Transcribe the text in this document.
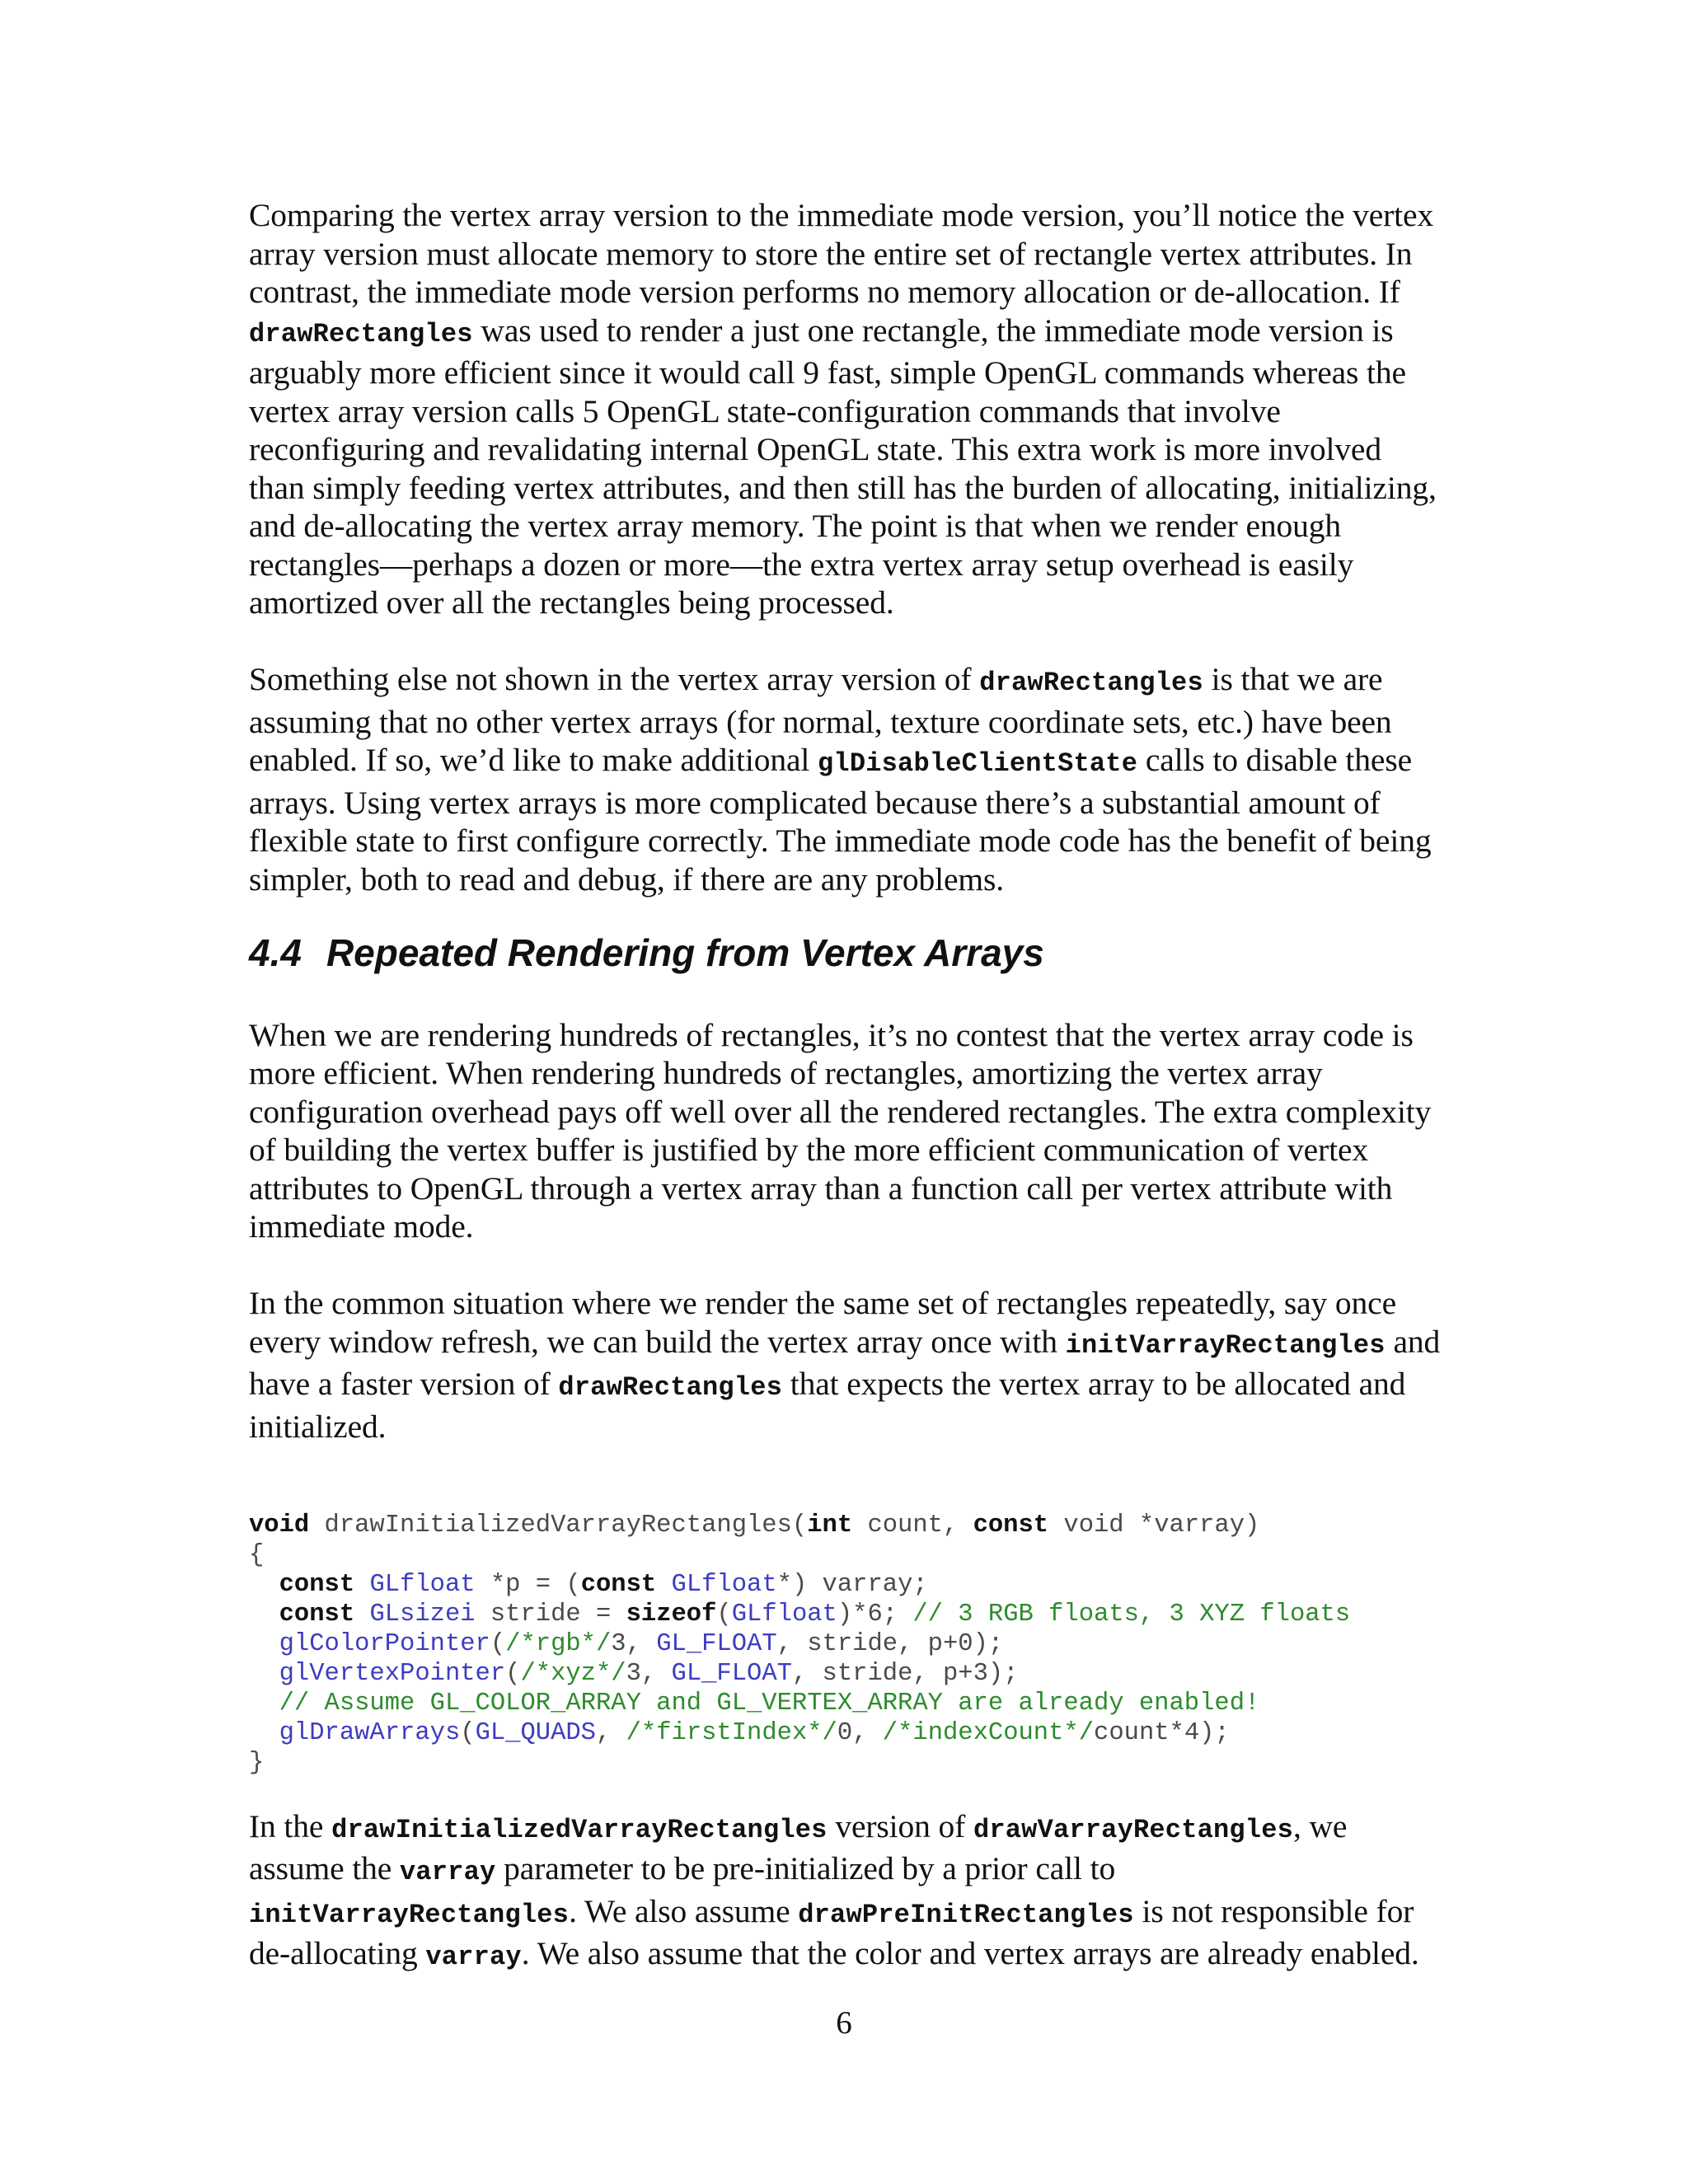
Comparing the vertex array version to the immediate mode version, you’ll notice the vertex array version must allocate memory to store the entire set of rectangle vertex attributes. In contrast, the immediate mode version performs no memory allocation or de-allocation. If drawRectangles was used to render a just one rectangle, the immediate mode version is arguably more efficient since it would call 9 fast, simple OpenGL commands whereas the vertex array version calls 5 OpenGL state-configuration commands that involve reconfiguring and revalidating internal OpenGL state. This extra work is more involved than simply feeding vertex attributes, and then still has the burden of allocating, initializing, and de-allocating the vertex array memory. The point is that when we render enough rectangles—perhaps a dozen or more—the extra vertex array setup overhead is easily amortized over all the rectangles being processed.

Something else not shown in the vertex array version of drawRectangles is that we are assuming that no other vertex arrays (for normal, texture coordinate sets, etc.) have been enabled. If so, we’d like to make additional glDisableClientState calls to disable these arrays. Using vertex arrays is more complicated because there’s a substantial amount of flexible state to first configure correctly. The immediate mode code has the benefit of being simpler, both to read and debug, if there are any problems.

4.4 Repeated Rendering from Vertex Arrays

When we are rendering hundreds of rectangles, it’s no contest that the vertex array code is more efficient. When rendering hundreds of rectangles, amortizing the vertex array configuration overhead pays off well over all the rendered rectangles. The extra complexity of building the vertex buffer is justified by the more efficient communication of vertex attributes to OpenGL through a vertex array than a function call per vertex attribute with immediate mode.

In the common situation where we render the same set of rectangles repeatedly, say once every window refresh, we can build the vertex array once with initVarrayRectangles and have a faster version of drawRectangles that expects the vertex array to be allocated and initialized.

void drawInitializedVarrayRectangles(int count, const void *varray)
{
const GLfloat *p = (const GLfloat*) varray;
const GLsizei stride = sizeof(GLfloat)*6; // 3 RGB floats, 3 XYZ floats
glColorPointer(/*rgb*/3, GL_FLOAT, stride, p+0);
glVertexPointer(/*xyz*/3, GL_FLOAT, stride, p+3);
// Assume GL_COLOR_ARRAY and GL_VERTEX_ARRAY are already enabled!
glDrawArrays(GL_QUADS, /*firstIndex*/0, /*indexCount*/count*4);
}

In the drawInitializedVarrayRectangles version of drawVarrayRectangles, we assume the varray parameter to be pre-initialized by a prior call to initVarrayRectangles. We also assume drawPreInitRectangles is not responsible for de-allocating varray. We also assume that the color and vertex arrays are already enabled.

6
